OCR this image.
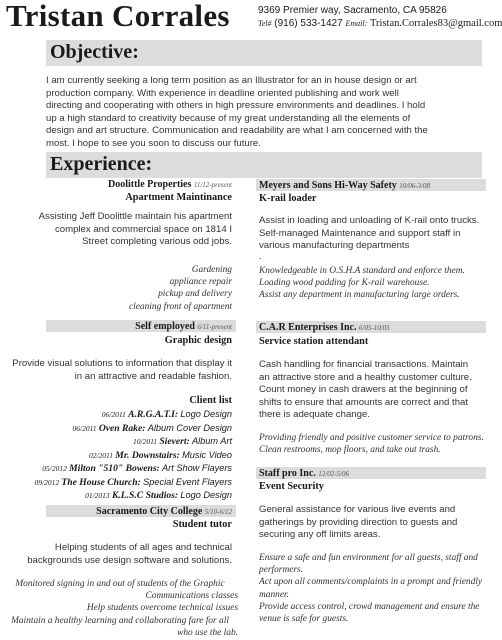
Tristan Corrales	9369 Premier way, Sacramento, CA 95826
Tel# (916) 533-1427 Email: Tristan.Corrales83@gmail.com
Objective:
I am currently seeking a long term position as an Illustrator for an in house design or art
production company. With experience in deadline oriented publishing and work well
directing and cooperating with others in high pressure environments and deadlines. I hold
up a high standard to creativity because of my great understanding all the elements of
design and art structure. Communication and readability are what I am concerned with the
most. I hope to see you soon to discuss our future.
Experience:
Doolittle Properties 11/12-present
Apartment Maintinance
Assisting Jeff Doolittle maintain his apartment
complex and commercial space on 1814 I
Street completing various odd jobs.
Gardening
appliance repair
pickup and delivery
cleaning front of apartment
Self employed 6/11-present
Graphic design
Provide visual solutions to information that display it
in an attractive and readable fashion.
Client list
06/2011 A.R.G.A.T.I: Logo Design
06/2011 Oven Rake: Album Cover Design
10/2011 Sievert: Album Art
02/2011 Mr. Downstairs: Music Video
05/2012 Milton "510" Bowens: Art Show Flayers
09/2012 The House Church: Special Event Flayers
01/2013 K.L.S.C Studios: Logo Design
Sacramento City College 5/10-6/12
Student tutor
Helping students of all ages and technical
backgrounds use design software and solutions.
Monitored signing in and out of students of the Graphic
Communications classes
Help students overcome technical issues
Maintain a healthy learning and collaborating fare for all
who use the lab.
Meyers and Sons Hi-Way Safety 10/06-3/08
K-rail loader
Assist in loading and unloading of K-rail onto trucks.
Self-managed Maintenance and support staff in
various manufacturing departments
.
Knowledgeable in O.S.H.A standard and enforce them.
Loading wood padding for K-rail warehouse.
Assist any department in manufacturing large orders.
C.A.R Enterprises Inc. 6/05-10/05
Service station attendant
Cash handling for financial transactions. Maintain
an attractive store and a healthy customer culture.
Count money in cash drawers at the beginning of
shifts to ensure that amounts are correct and that
there is adequate change.
Providing friendly and positive customer service to patrons.
Clean restrooms, mop floors, and take out trash.
Staff pro Inc. 12/02-5/06
Event Security
General assistance for various live events and
gatherings by providing direction to guests and
securing any off limits areas.
Ensure a safe and fun environment for all guests, staff and
performers.
Act upon all comments/complaints in a prompt and friendly
manner.
Provide access control, crowd management and ensure the
venue is safe for guests.
